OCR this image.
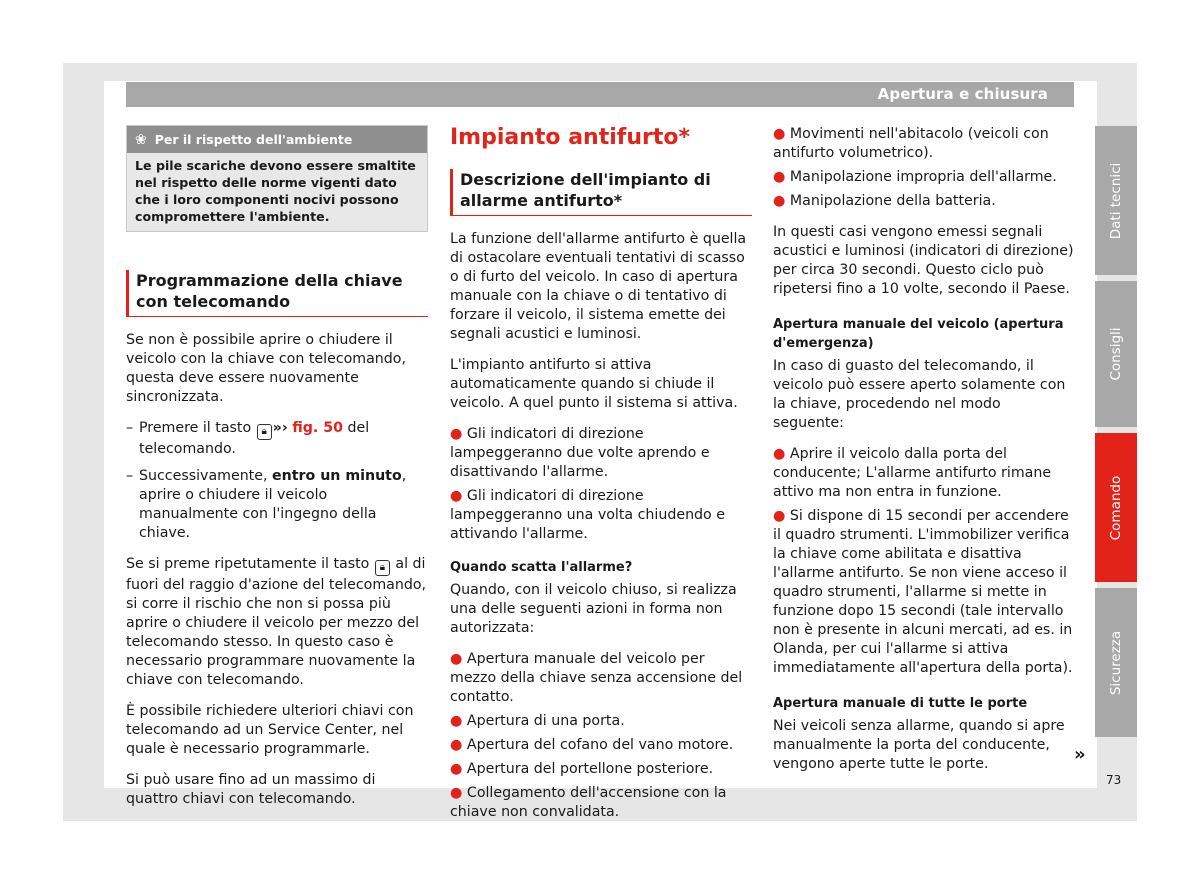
Apertura e chiusura
❀ Per il rispetto dell'ambiente
Le pile scariche devono essere smaltite nel rispetto delle norme vigenti dato che i loro componenti nocivi possono compromettere l'ambiente.
Programmazione della chiave con telecomando

Se non è possibile aprire o chiudere il veicolo con la chiave con telecomando, questa deve essere nuovamente sincronizzata.

– Premere il tasto 🔒︎ »› fig. 50 del telecomando.
– Successivamente, entro un minuto, aprire o chiudere il veicolo manualmente con l'ingegno della chiave.

Se si preme ripetutamente il tasto 🔒︎ al di fuori del raggio d'azione del telecomando, si corre il rischio che non si possa più aprire o chiudere il veicolo per mezzo del telecomando stesso. In questo caso è necessario programmare nuovamente la chiave con telecomando.

È possibile richiedere ulteriori chiavi con telecomando ad un Service Center, nel quale è necessario programmarle.

Si può usare fino ad un massimo di quattro chiavi con telecomando.

Impianto antifurto*
Descrizione dell'impianto di allarme antifurto*

La funzione dell'allarme antifurto è quella di ostacolare eventuali tentativi di scasso o di furto del veicolo. In caso di apertura manuale con la chiave o di tentativo di forzare il veicolo, il sistema emette dei segnali acustici e luminosi.

L'impianto antifurto si attiva automaticamente quando si chiude il veicolo. A quel punto il sistema si attiva.

● Gli indicatori di direzione lampeggeranno due volte aprendo e disattivando l'allarme.
● Gli indicatori di direzione lampeggeranno una volta chiudendo e attivando l'allarme.
Quando scatta l'allarme?

Quando, con il veicolo chiuso, si realizza una delle seguenti azioni in forma non autorizzata:

● Apertura manuale del veicolo per mezzo della chiave senza accensione del contatto.
● Apertura di una porta.
● Apertura del cofano del vano motore.
● Apertura del portellone posteriore.
● Collegamento dell'accensione con la chiave non convalidata.
● Movimenti nell'abitacolo (veicoli con antifurto volumetrico).
● Manipolazione impropria dell'allarme.
● Manipolazione della batteria.

In questi casi vengono emessi segnali acustici e luminosi (indicatori di direzione) per circa 30 secondi. Questo ciclo può ripetersi fino a 10 volte, secondo il Paese.

Apertura manuale del veicolo (apertura d'emergenza)

In caso di guasto del telecomando, il veicolo può essere aperto solamente con la chiave, procedendo nel modo seguente:

● Aprire il veicolo dalla porta del conducente; L'allarme antifurto rimane attivo ma non entra in funzione.
● Si dispone di 15 secondi per accendere il quadro strumenti. L'immobilizer verifica la chiave come abilitata e disattiva l'allarme antifurto. Se non viene acceso il quadro strumenti, l'allarme si mette in funzione dopo 15 secondi (tale intervallo non è presente in alcuni mercati, ad es. in Olanda, per cui l'allarme si attiva immediatamente all'apertura della porta).
Apertura manuale di tutte le porte

Nei veicoli senza allarme, quando si apre manualmente la porta del conducente, vengono aperte tutte le porte.

Dati tecnici
Consigli
Comando
Sicurezza
»
73
